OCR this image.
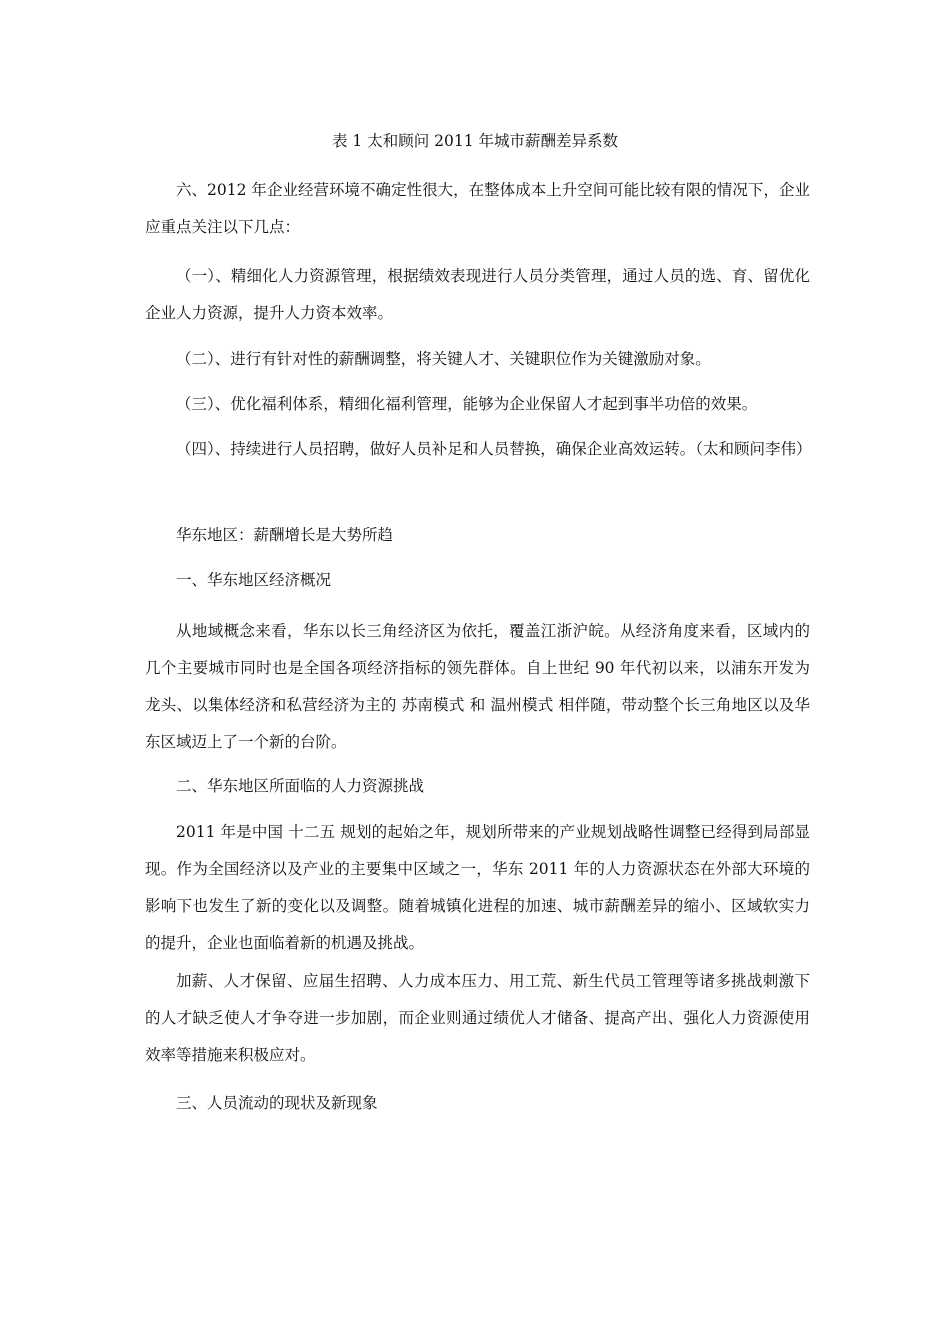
表 1 太和顾问 2011 年城市薪酬差异系数

六、2012 年企业经营环境不确定性很大，在整体成本上升空间可能比较有限的情况下，企业应重点关注以下几点：

（一）、精细化人力资源管理，根据绩效表现进行人员分类管理，通过人员的选、育、留优化企业人力资源，提升人力资本效率。

（二）、进行有针对性的薪酬调整，将关键人才、关键职位作为关键激励对象。

（三）、优化福利体系，精细化福利管理，能够为企业保留人才起到事半功倍的效果。

（四）、持续进行人员招聘，做好人员补足和人员替换，确保企业高效运转。（太和顾问李伟）

华东地区：薪酬增长是大势所趋

一、华东地区经济概况

从地域概念来看，华东以长三角经济区为依托，覆盖江浙沪皖。从经济角度来看，区域内的几个主要城市同时也是全国各项经济指标的领先群体。自上世纪 90 年代初以来，以浦东开发为龙头、以集体经济和私营经济为主的 苏南模式 和 温州模式 相伴随，带动整个长三角地区以及华东区域迈上了一个新的台阶。

二、华东地区所面临的人力资源挑战

2011 年是中国 十二五 规划的起始之年，规划所带来的产业规划战略性调整已经得到局部显现。作为全国经济以及产业的主要集中区域之一，华东 2011 年的人力资源状态在外部大环境的影响下也发生了新的变化以及调整。随着城镇化进程的加速、城市薪酬差异的缩小、区域软实力的提升，企业也面临着新的机遇及挑战。

加薪、人才保留、应届生招聘、人力成本压力、用工荒、新生代员工管理等诸多挑战刺激下的人才缺乏使人才争夺进一步加剧，而企业则通过绩优人才储备、提高产出、强化人力资源使用效率等措施来积极应对。

三、人员流动的现状及新现象
